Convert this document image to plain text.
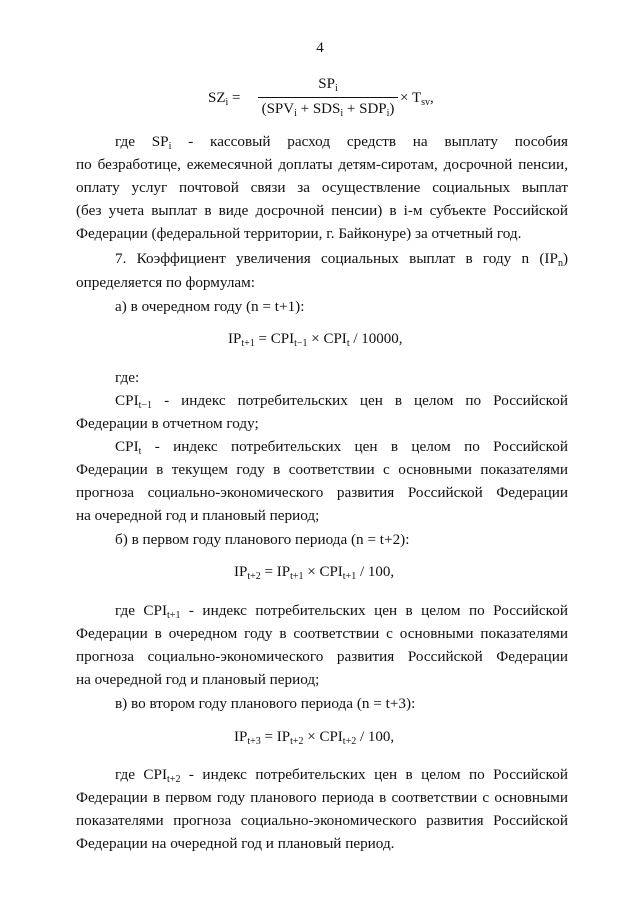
4
$SZ_i$ =
$SP_i$
$(SPV_i + SDS_i + SDP_i)$
× $T_{sv}$,
где $SP_i$ - кассовый расход средств на выплату пособия
по безработице, ежемесячной доплаты детям-сиротам, досрочной пенсии,
оплату услуг почтовой связи за осуществление социальных выплат
(без учета выплат в виде досрочной пенсии) в i-м субъекте Российской
Федерации (федеральной территории, г. Байконуре) за отчетный год.
7. Коэффициент увеличения социальных выплат в году n $(IP_n)$
определяется по формулам:
а) в очередном году (n = t+1):
$IP_{t+1} = CPI_{t-1} \times CPI_t / 10000$,
где:
$CPI_{t-1}$ - индекс потребительских цен в целом по Российской
Федерации в отчетном году;
$CPI_t$ - индекс потребительских цен в целом по Российской
Федерации в текущем году в соответствии с основными показателями
прогноза социально-экономического развития Российской Федерации
на очередной год и плановый период;
б) в первом году планового периода (n = t+2):
$IP_{t+2} = IP_{t+1} \times CPI_{t+1} / 100$,
где $CPI_{t+1}$ - индекс потребительских цен в целом по Российской
Федерации в очередном году в соответствии с основными показателями
прогноза социально-экономического развития Российской Федерации
на очередной год и плановый период;
в) во втором году планового периода (n = t+3):
$IP_{t+3} = IP_{t+2} \times CPI_{t+2} / 100$,
где $CPI_{t+2}$ - индекс потребительских цен в целом по Российской
Федерации в первом году планового периода в соответствии с основными
показателями прогноза социально-экономического развития Российской
Федерации на очередной год и плановый период.
